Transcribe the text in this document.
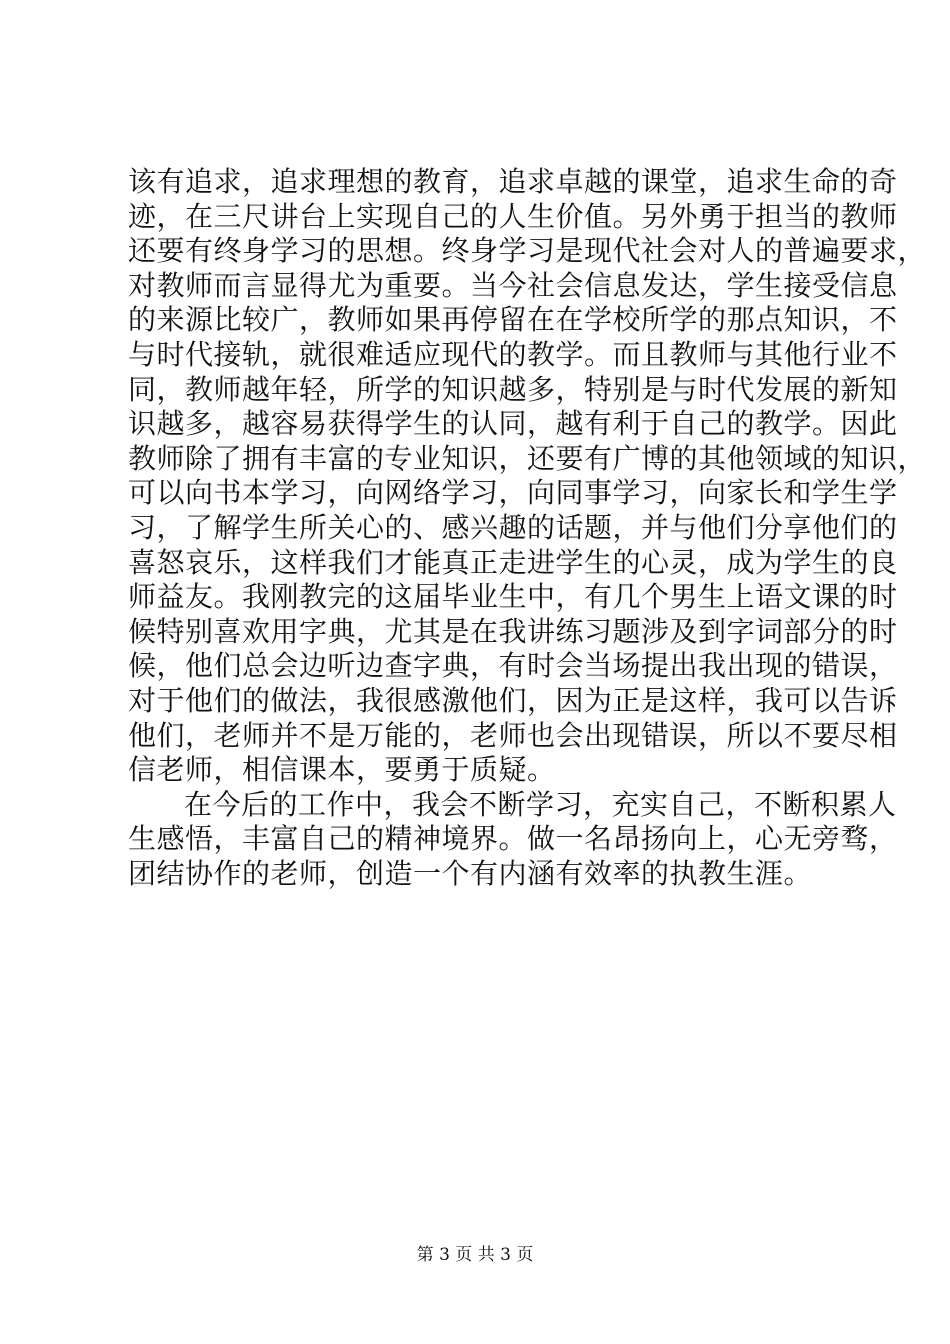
该有追求，追求理想的教育，追求卓越的课堂，追求生命的奇
迹，在三尺讲台上实现自己的人生价值。另外勇于担当的教师
还要有终身学习的思想。终身学习是现代社会对人的普遍要求，
对教师而言显得尤为重要。当今社会信息发达，学生接受信息
的来源比较广，教师如果再停留在在学校所学的那点知识，不
与时代接轨，就很难适应现代的教学。而且教师与其他行业不
同，教师越年轻，所学的知识越多，特别是与时代发展的新知
识越多，越容易获得学生的认同，越有利于自己的教学。因此
教师除了拥有丰富的专业知识，还要有广博的其他领域的知识，
可以向书本学习，向网络学习，向同事学习，向家长和学生学
习，了解学生所关心的、感兴趣的话题，并与他们分享他们的
喜怒哀乐，这样我们才能真正走进学生的心灵，成为学生的良
师益友。我刚教完的这届毕业生中，有几个男生上语文课的时
候特别喜欢用字典，尤其是在我讲练习题涉及到字词部分的时
候，他们总会边听边查字典，有时会当场提出我出现的错误，
对于他们的做法，我很感激他们，因为正是这样，我可以告诉
他们，老师并不是万能的，老师也会出现错误，所以不要尽相
信老师，相信课本，要勇于质疑。
在今后的工作中，我会不断学习，充实自己，不断积累人
生感悟，丰富自己的精神境界。做一名昂扬向上，心无旁骛，
团结协作的老师，创造一个有内涵有效率的执教生涯。
第 3 页 共 3 页
